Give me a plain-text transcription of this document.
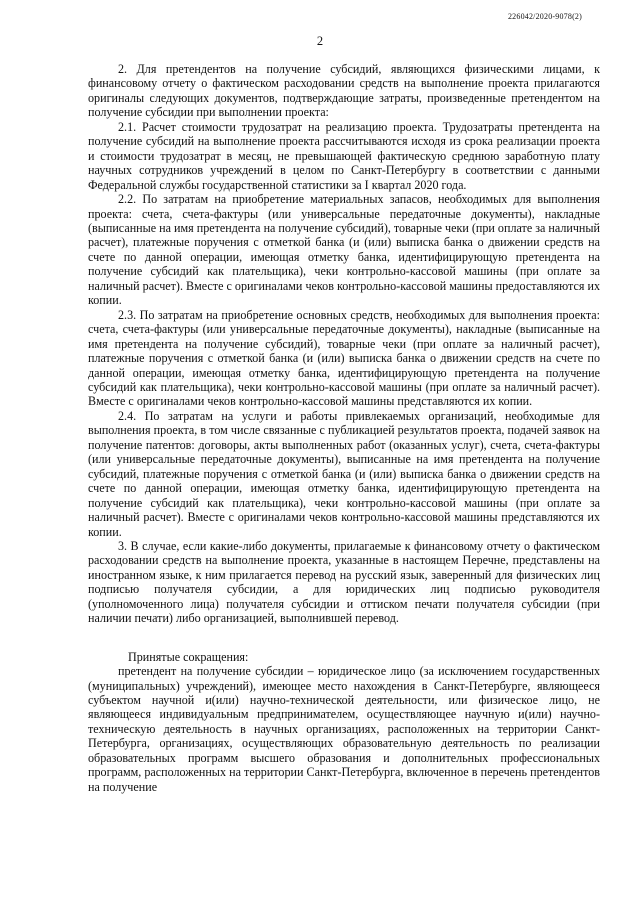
226042/2020-9078(2)
2

2. Для претендентов на получение субсидий, являющихся физическими лицами, к финансовому отчету о фактическом расходовании средств на выполнение проекта прилагаются оригиналы следующих документов, подтверждающие затраты, произведенные претендентом на получение субсидии при выполнении проекта:

2.1. Расчет стоимости трудозатрат на реализацию проекта. Трудозатраты претендента на получение субсидий на выполнение проекта рассчитываются исходя из срока реализации проекта и стоимости трудозатрат в месяц, не превышающей фактическую среднюю заработную плату научных сотрудников учреждений в целом по Санкт-Петербургу в соответствии с данными Федеральной службы государственной статистики за I квартал 2020 года.

2.2. По затратам на приобретение материальных запасов, необходимых для выполнения проекта: счета, счета-фактуры (или универсальные передаточные документы), накладные (выписанные на имя претендента на получение субсидий), товарные чеки (при оплате за наличный расчет), платежные поручения с отметкой банка (и (или) выписка банка о движении средств на счете по данной операции, имеющая отметку банка, идентифицирующую претендента на получение субсидий как плательщика), чеки контрольно-кассовой машины (при оплате за наличный расчет). Вместе с оригиналами чеков контрольно-кассовой машины предоставляются их копии.

2.3. По затратам на приобретение основных средств, необходимых для выполнения проекта: счета, счета-фактуры (или универсальные передаточные документы), накладные (выписанные на имя претендента на получение субсидий), товарные чеки (при оплате за наличный расчет), платежные поручения с отметкой банка (и (или) выписка банка о движении средств на счете по данной операции, имеющая отметку банка, идентифицирующую претендента на получение субсидий как плательщика), чеки контрольно-кассовой машины (при оплате за наличный расчет). Вместе с оригиналами чеков контрольно-кассовой машины представляются их копии.

2.4. По затратам на услуги и работы привлекаемых организаций, необходимые для выполнения проекта, в том числе связанные с публикацией результатов проекта, подачей заявок на получение патентов: договоры, акты выполненных работ (оказанных услуг), счета, счета-фактуры (или универсальные передаточные документы), выписанные на имя претендента на получение субсидий, платежные поручения с отметкой банка (и (или) выписка банка о движении средств на счете по данной операции, имеющая отметку банка, идентифицирующую претендента на получение субсидий как плательщика), чеки контрольно-кассовой машины (при оплате за наличный расчет). Вместе с оригиналами чеков контрольно-кассовой машины представляются их копии.

3. В случае, если какие-либо документы, прилагаемые к финансовому отчету о фактическом расходовании средств на выполнение проекта, указанные в настоящем Перечне, представлены на иностранном языке, к ним прилагается перевод на русский язык, заверенный для физических лиц подписью получателя субсидии, а для юридических лиц подписью руководителя (уполномоченного лица) получателя субсидии и оттиском печати получателя субсидии (при наличии печати) либо организацией, выполнившей перевод.

Принятые сокращения:

претендент на получение субсидии – юридическое лицо (за исключением государственных (муниципальных) учреждений), имеющее место нахождения в Санкт-Петербурге, являющееся субъектом научной и(или) научно-технической деятельности, или физическое лицо, не являющееся индивидуальным предпринимателем, осуществляющее научную и(или) научно-техническую деятельность в научных организациях, расположенных на территории Санкт-Петербурга, организациях, осуществляющих образовательную деятельность по реализации образовательных программ высшего образования и дополнительных профессиональных программ, расположенных на территории Санкт-Петербурга, включенное в перечень претендентов на получение
